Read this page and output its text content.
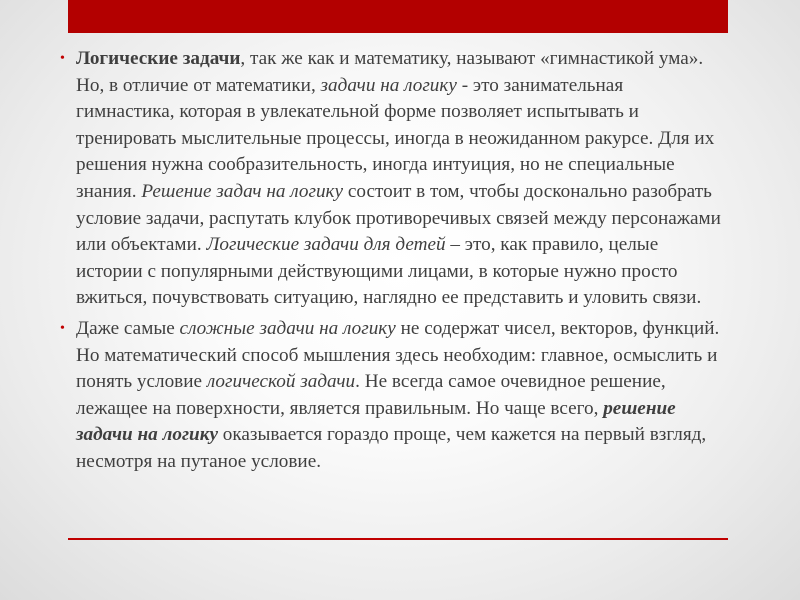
• Логические задачи, так же как и математику, называют «гимнастикой ума». Но, в отличие от математики, задачи на логику - это занимательная гимнастика, которая в увлекательной форме позволяет испытывать и тренировать мыслительные процессы, иногда в неожиданном ракурсе. Для их решения нужна сообразительность, иногда интуиция, но не специальные знания. Решение задач на логику состоит в том, чтобы досконально разобрать условие задачи, распутать клубок противоречивых связей между персонажами или объектами. Логические задачи для детей – это, как правило, целые истории с популярными действующими лицами, в которые нужно просто вжиться, почувствовать ситуацию, наглядно ее представить и уловить связи.
• Даже самые сложные задачи на логику не содержат чисел, векторов, функций. Но математический способ мышления здесь необходим: главное, осмыслить и понять условие логической задачи. Не всегда самое очевидное решение, лежащее на поверхности, является правильным. Но чаще всего, решение задачи на логику оказывается гораздо проще, чем кажется на первый взгляд, несмотря на путаное условие.
